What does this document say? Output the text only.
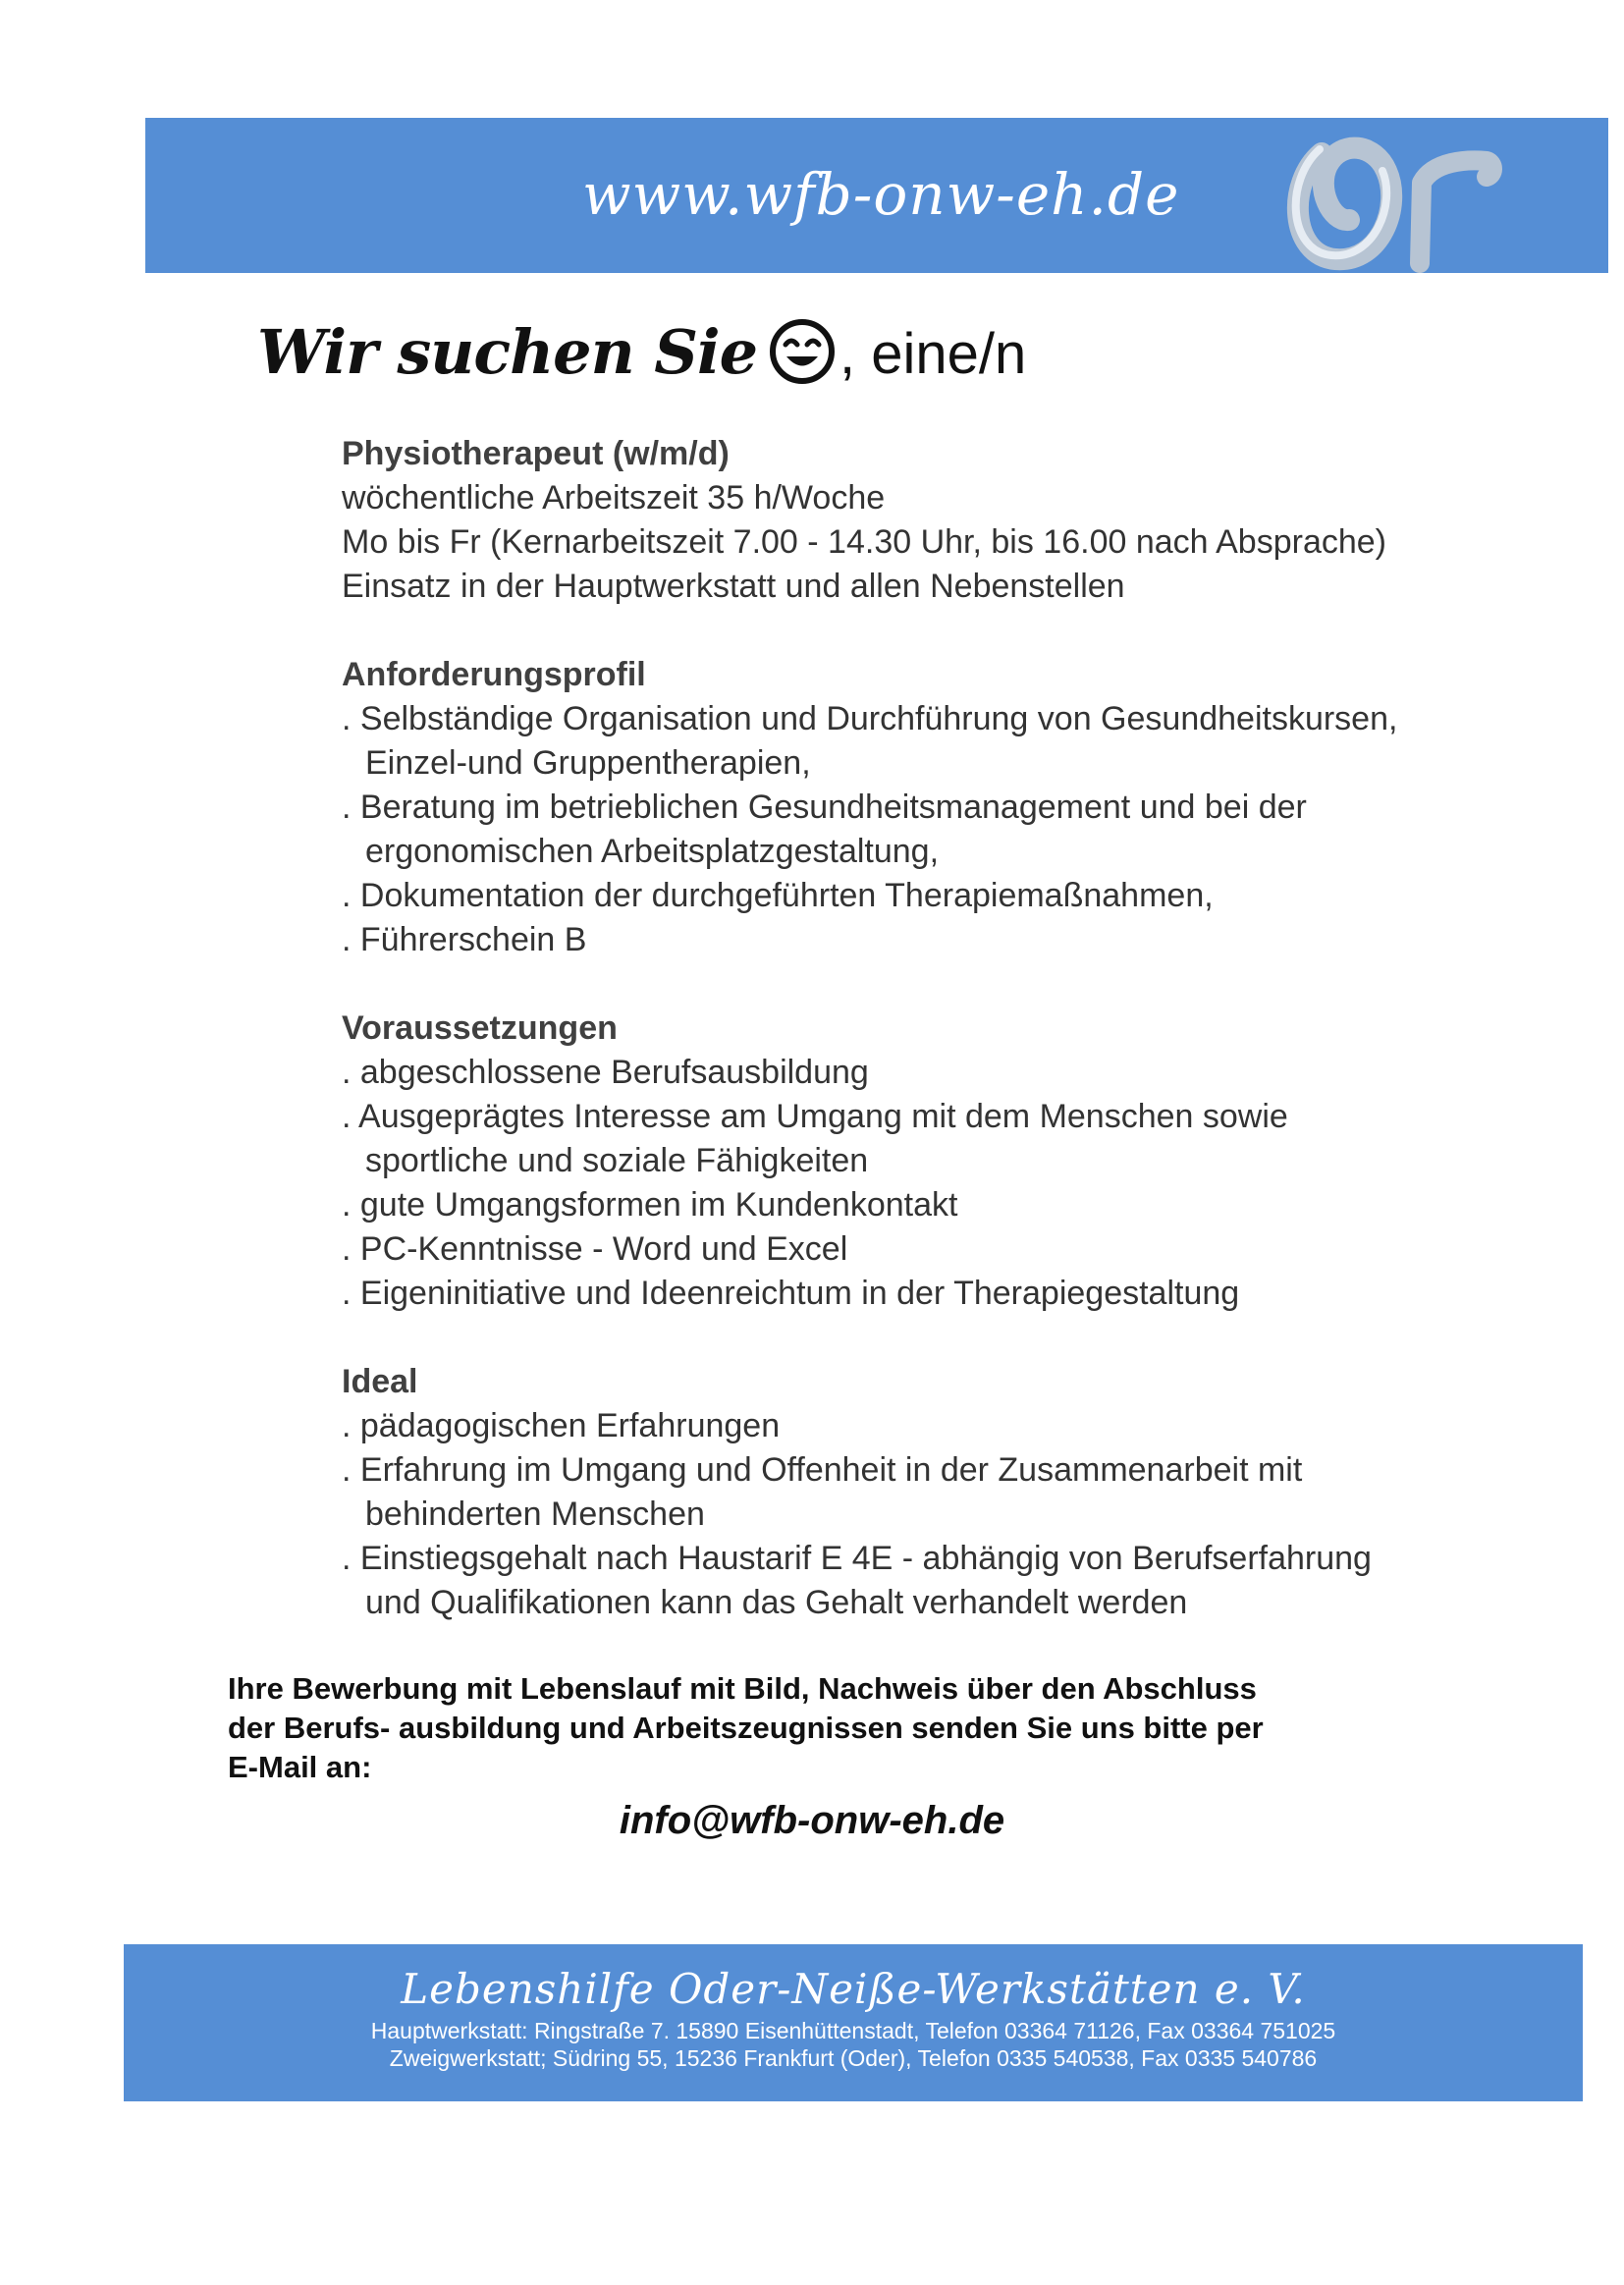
www.wfb-onw-eh.de
Wir suchen Sie , eine/n
Physiotherapeut (w/m/d)
wöchentliche Arbeitszeit 35 h/Woche
Mo bis Fr (Kernarbeitszeit 7.00 - 14.30 Uhr, bis 16.00 nach Absprache)
Einsatz in der Hauptwerkstatt und allen Nebenstellen
Anforderungsprofil
. Selbständige Organisation und Durchführung von Gesundheitskursen,
Einzel-und Gruppentherapien,
. Beratung im betrieblichen Gesundheitsmanagement und bei der
ergonomischen Arbeitsplatzgestaltung,
. Dokumentation der durchgeführten Therapiemaßnahmen,
. Führerschein B
Voraussetzungen
. abgeschlossene Berufsausbildung
. Ausgeprägtes Interesse am Umgang mit dem Menschen sowie
sportliche und soziale Fähigkeiten
. gute Umgangsformen im Kundenkontakt
. PC-Kenntnisse - Word und Excel
. Eigeninitiative und Ideenreichtum in der Therapiegestaltung
Ideal
. pädagogischen Erfahrungen
. Erfahrung im Umgang und Offenheit in der Zusammenarbeit mit
behinderten Menschen
. Einstiegsgehalt nach Haustarif E 4E - abhängig von Berufserfahrung
und Qualifikationen kann das Gehalt verhandelt werden
Ihre Bewerbung mit Lebenslauf mit Bild, Nachweis über den Abschluss
der Berufs- ausbildung und Arbeitszeugnissen senden Sie uns bitte per
E-Mail an:
info@wfb-onw-eh.de
Lebenshilfe Oder-Neiße-Werkstätten e. V.
Hauptwerkstatt: Ringstraße 7. 15890 Eisenhüttenstadt, Telefon 03364 71126, Fax 03364 751025
Zweigwerkstatt; Südring 55, 15236 Frankfurt (Oder), Telefon 0335 540538, Fax 0335 540786
